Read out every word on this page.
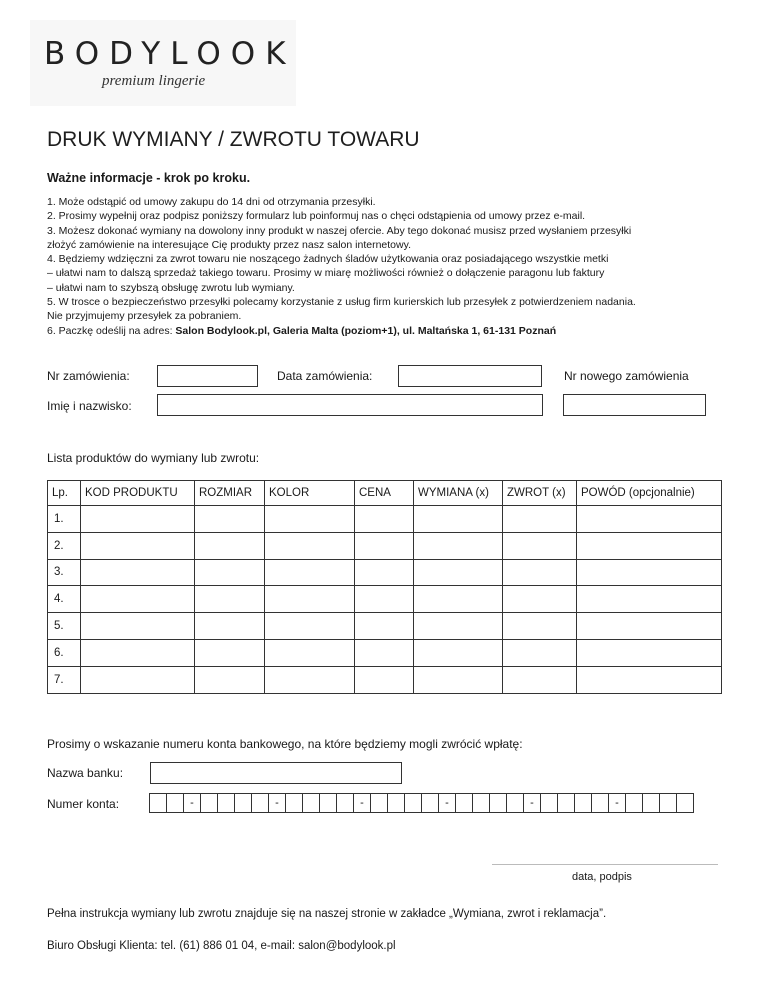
BODYLOOK
premium lingerie
DRUK WYMIANY / ZWROTU TOWARU
Ważne informacje - krok po kroku.
1. Może odstąpić od umowy zakupu do 14 dni od otrzymania przesyłki.
2. Prosimy wypełnij oraz podpisz poniższy formularz lub poinformuj nas o chęci odstąpienia od umowy przez e-mail.
3. Możesz dokonać wymiany na dowolony inny produkt w naszej ofercie. Aby tego dokonać musisz przed wysłaniem przesyłki
złożyć zamówienie na interesujące Cię produkty przez nasz salon internetowy.
4. Będziemy wdzięczni za zwrot towaru nie noszącego żadnych śladów użytkowania oraz posiadającego wszystkie metki
– ułatwi nam to dalszą sprzedaż takiego towaru. Prosimy w miarę możliwości również o dołączenie paragonu lub faktury
– ułatwi nam to szybszą obsługę zwrotu lub wymiany.
5. W trosce o bezpieczeństwo przesyłki polecamy korzystanie z usług firm kurierskich lub przesyłek z potwierdzeniem nadania.
Nie przyjmujemy przesyłek za pobraniem.
6. Paczkę odeślij na adres: Salon Bodylook.pl, Galeria Malta (poziom+1), ul. Maltańska 1, 61-131 Poznań
Nr zamówienia:	Data zamówienia:	Nr nowego zamówienia
Imię i nazwisko:
Lista produktów do wymiany lub zwrotu:
Lp.	KOD PRODUKTU	ROZMIAR	KOLOR	CENA	WYMIANA (x)	ZWROT (x)	POWÓD (opcjonalnie)
1.							
2.							
3.							
4.							
5.							
6.							
7.							
Prosimy o wskazanie numeru konta bankowego, na które będziemy mogli zwrócić wpłatę:
Nazwa banku:
Numer konta:	-	-	-	-	-	-
data, podpis
Pełna instrukcja wymiany lub zwrotu znajduje się na naszej stronie w zakładce „Wymiana, zwrot i reklamacja”.
Biuro Obsługi Klienta: tel. (61) 886 01 04, e-mail: salon@bodylook.pl
